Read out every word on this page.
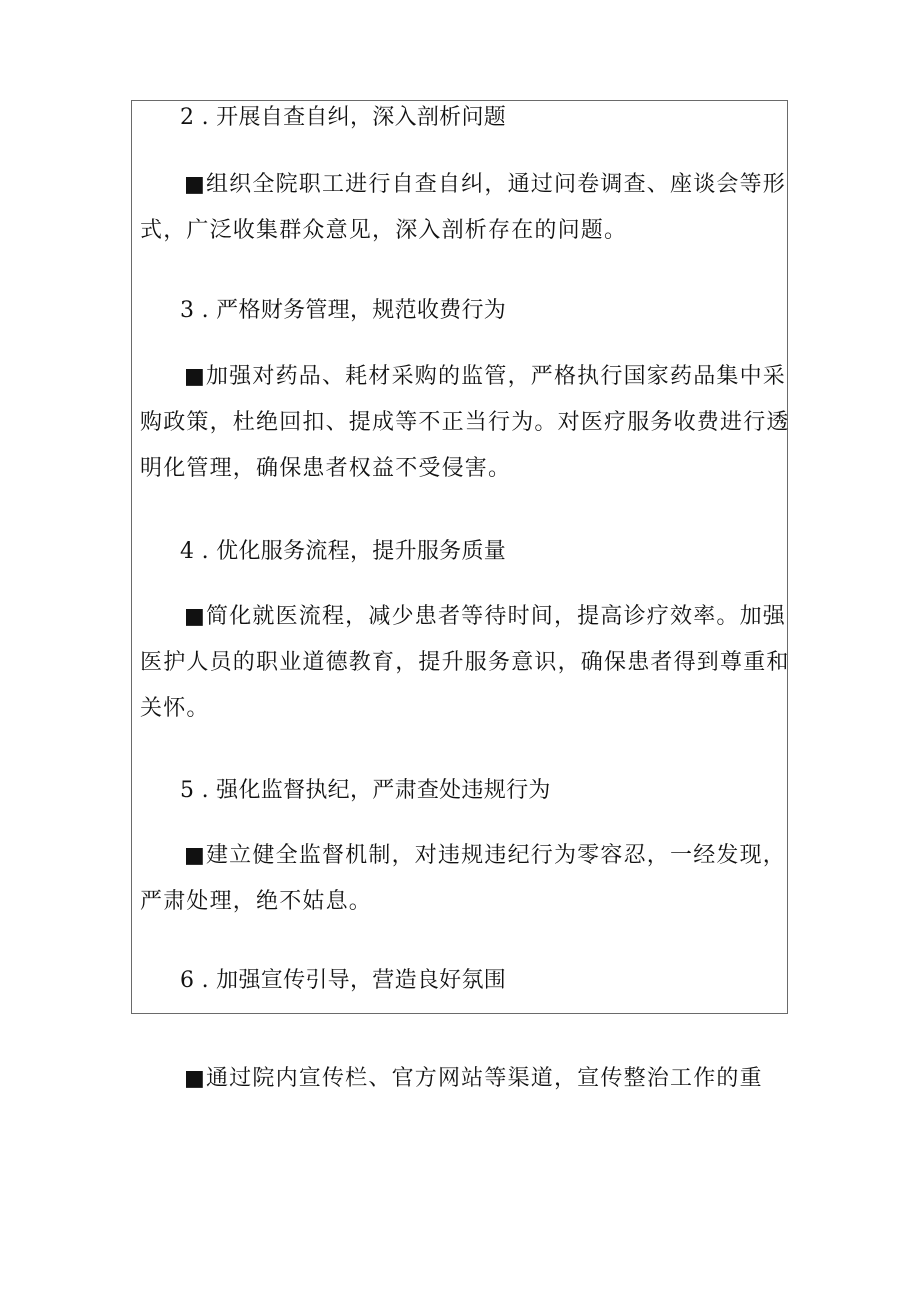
2 . 开展自查自纠，深入剖析问题
■组织全院职工进行自查自纠，通过问卷调查、座谈会等形式，广泛收集群众意见，深入剖析存在的问题。
3 . 严格财务管理，规范收费行为
■加强对药品、耗材采购的监管，严格执行国家药品集中采购政策，杜绝回扣、提成等不正当行为。对医疗服务收费进行透明化管理，确保患者权益不受侵害。
4 . 优化服务流程，提升服务质量
■简化就医流程，减少患者等待时间，提高诊疗效率。加强医护人员的职业道德教育，提升服务意识，确保患者得到尊重和关怀。
5 . 强化监督执纪，严肃查处违规行为
■建立健全监督机制，对违规违纪行为零容忍，一经发现，严肃处理，绝不姑息。
6 . 加强宣传引导，营造良好氛围
■通过院内宣传栏、官方网站等渠道，宣传整治工作的重
